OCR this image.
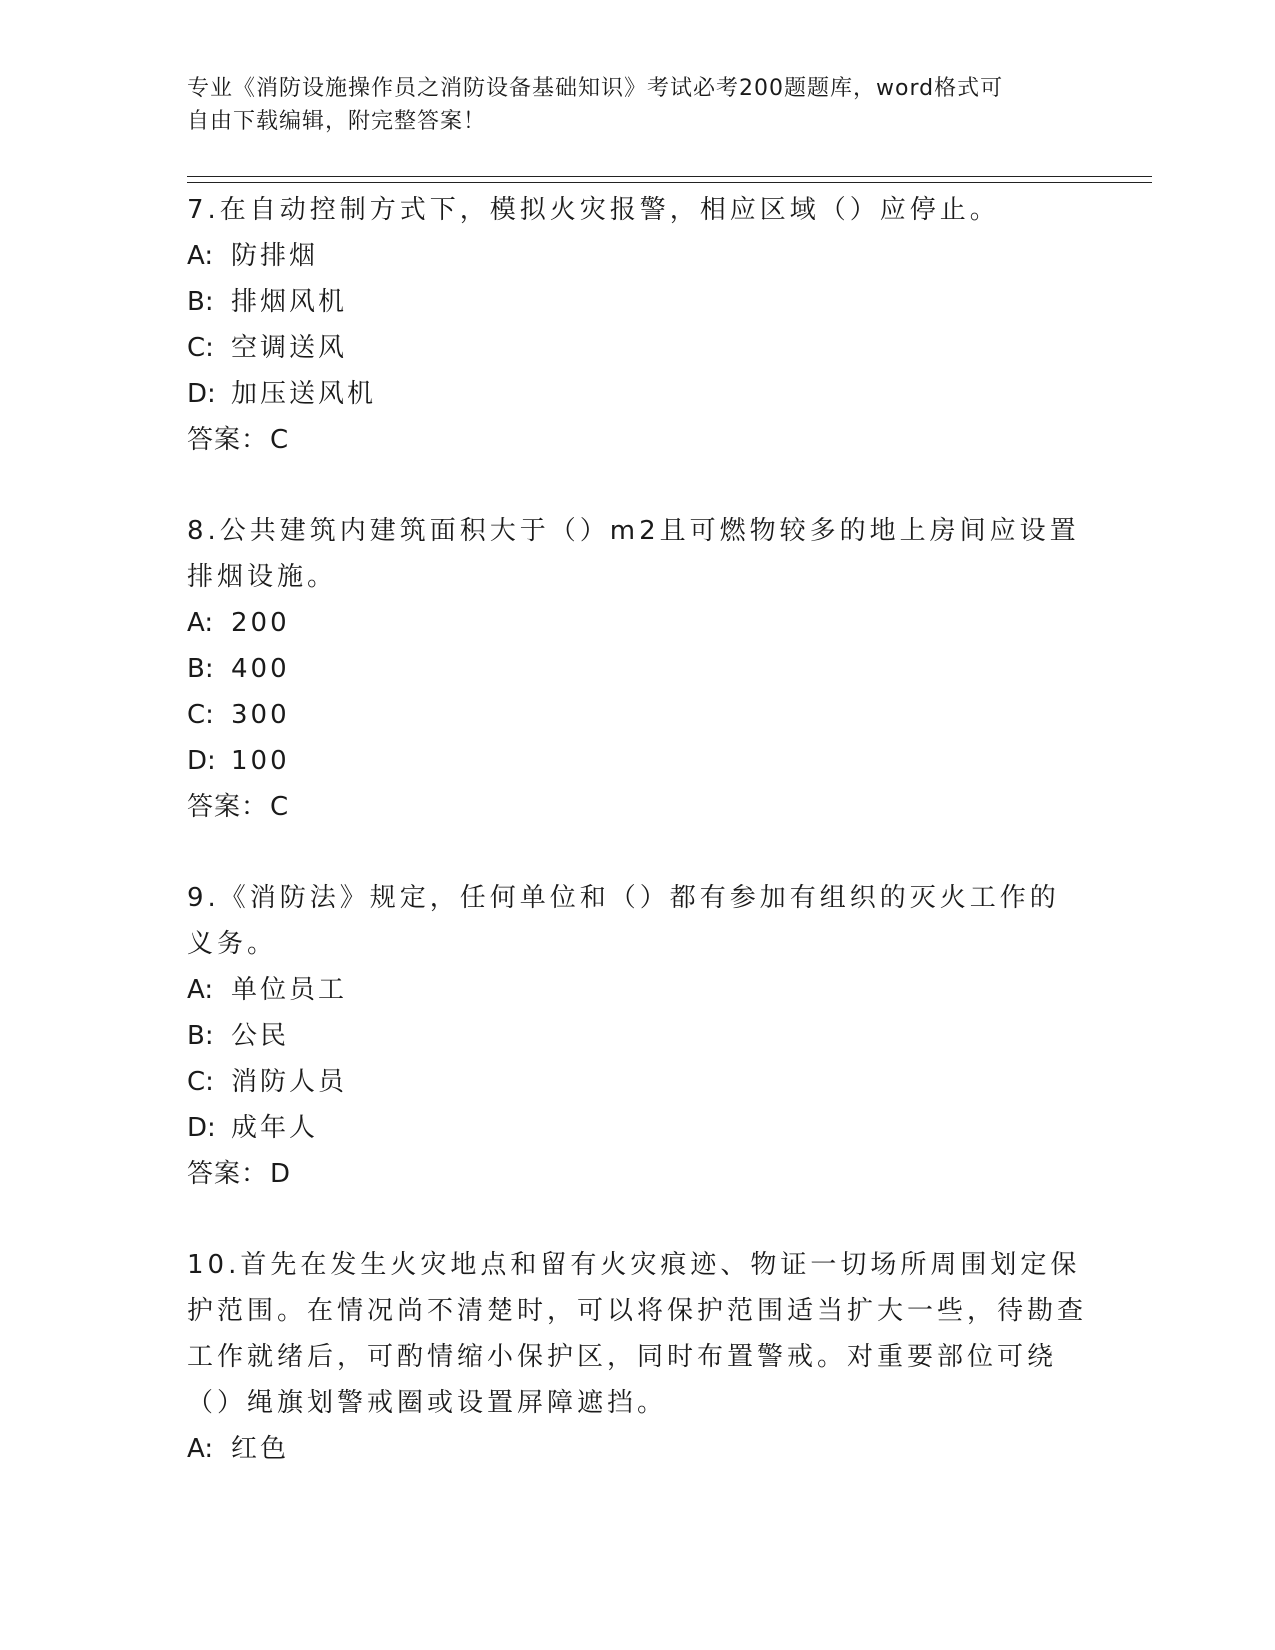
专业《消防设施操作员之消防设备基础知识》考试必考200题题库，word格式可
自由下载编辑，附完整答案！
7.在自动控制方式下，模拟火灾报警，相应区域（）应停止。
A: 防排烟
B: 排烟风机
C: 空调送风
D: 加压送风机
答案：C
8.公共建筑内建筑面积大于（）m2且可燃物较多的地上房间应设置排烟设施。
A: 200
B: 400
C: 300
D: 100
答案：C
9.《消防法》规定，任何单位和（）都有参加有组织的灭火工作的义务。
A: 单位员工
B: 公民
C: 消防人员
D: 成年人
答案：D
10.首先在发生火灾地点和留有火灾痕迹、物证一切场所周围划定保护范围。在情况尚不清楚时，可以将保护范围适当扩大一些，待勘查工作就绪后，可酌情缩小保护区，同时布置警戒。对重要部位可绕（）绳旗划警戒圈或设置屏障遮挡。
A: 红色
